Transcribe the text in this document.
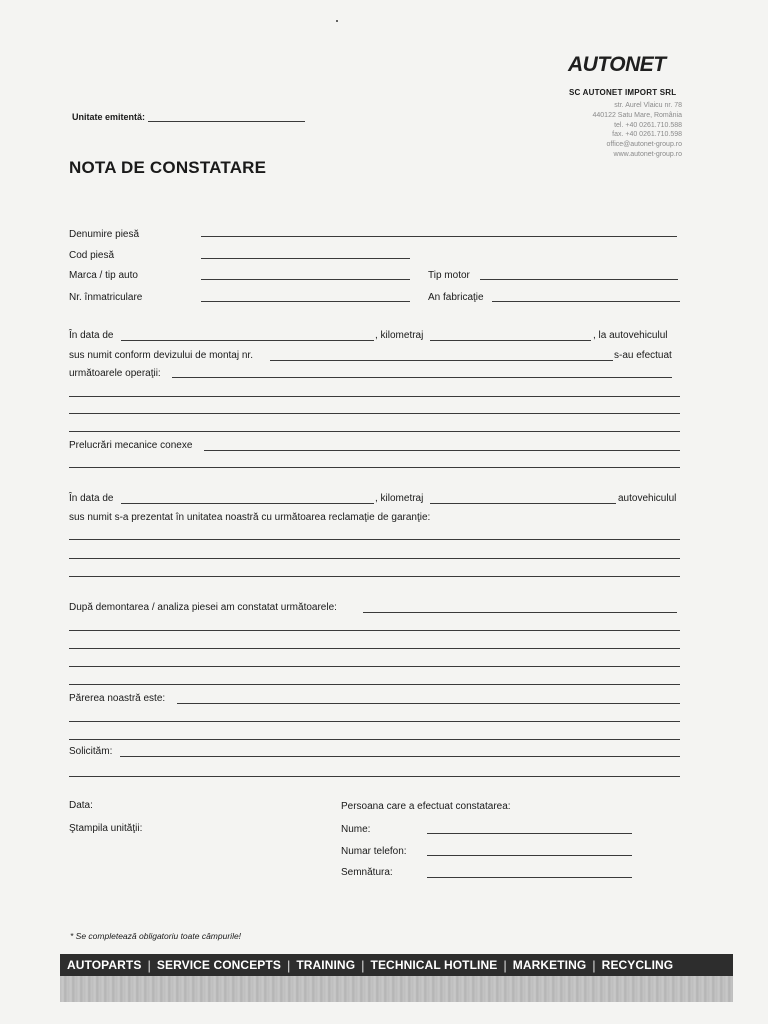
AUTONET
SC AUTONET IMPORT SRL
str. Aurel Vlaicu nr. 78
440122 Satu Mare, România
tel. +40 0261.710.588
fax. +40 0261.710.598
office@autonet-group.ro
www.autonet-group.ro
Unitate emitentă:
NOTA DE CONSTATARE
Denumire piesă
Cod piesă
Marca / tip auto	Tip motor
Nr. înmatriculare	An fabricaţie
În data de	, kilometraj	, la autovehiculul
sus numit conform devizului de montaj nr.	s-au efectuat
următoarele operaţii:
Prelucrări mecanice conexe
În data de	, kilometraj	autovehiculul
sus numit s-a prezentat în unitatea noastră cu următoarea reclamaţie de garanţie:
După demontarea / analiza piesei am constatat următoarele:
Părerea noastră este:
Solicităm:
Data:
Ştampila unităţii:
Persoana care a efectuat constatarea:
Nume:
Numar telefon:
Semnătura:
* Se completează obligatoriu toate câmpurile!
AUTOPARTS | SERVICE CONCEPTS | TRAINING | TECHNICAL HOTLINE | MARKETING | RECYCLING
